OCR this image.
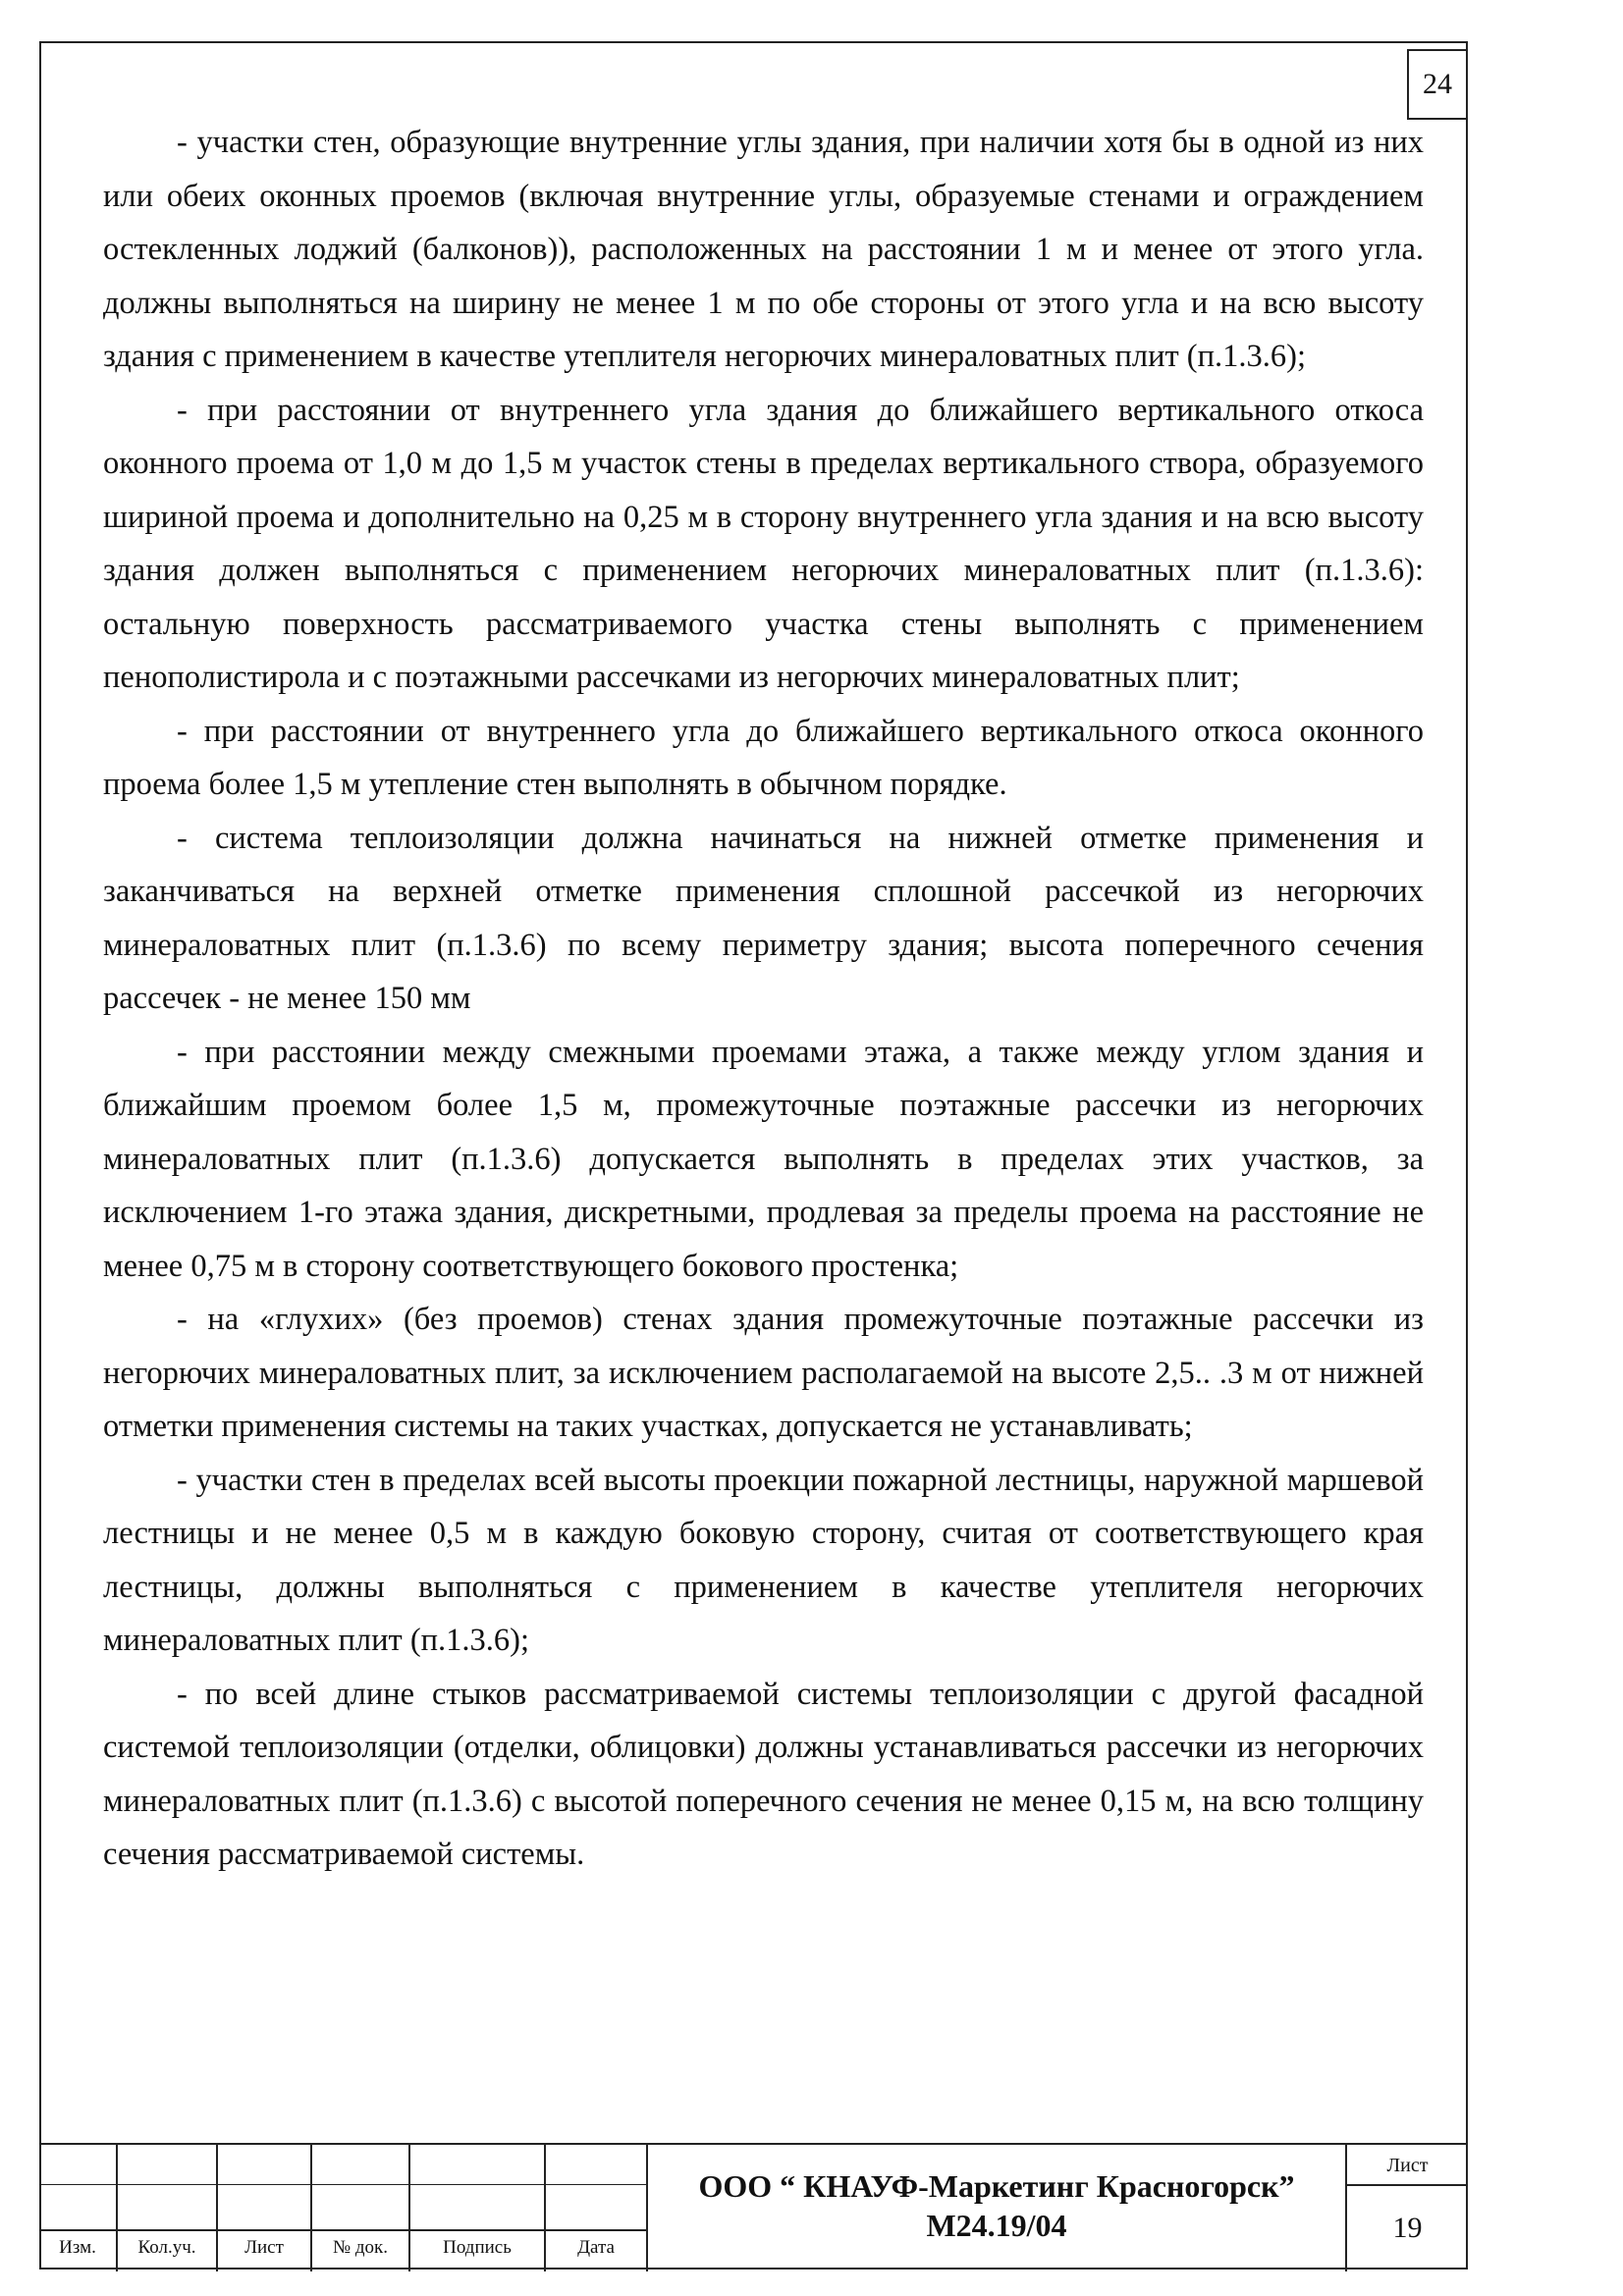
24

- участки стен, образующие внутренние углы здания, при наличии хотя бы в одной из них или обеих оконных проемов (включая внутренние углы, образуемые стенами и ограждением остекленных лоджий (балконов)), расположенных на расстоянии 1 м и менее от этого угла. должны выполняться на ширину не менее 1 м по обе стороны от этого угла и на всю высоту здания с применением в качестве утеплителя негорючих минераловатных плит (п.1.3.6);

- при расстоянии от внутреннего угла здания до ближайшего вертикального откоса оконного проема от 1,0 м до 1,5 м участок стены в пределах вертикального створа, образуемого шириной проема и дополнительно на 0,25 м в сторону внутреннего угла здания и на всю высоту здания должен выполняться с применением негорючих минераловатных плит (п.1.3.6): остальную поверхность рассматриваемого участка стены выполнять с применением пенополистирола и с поэтажными рассечками из негорючих минераловатных плит;

- при расстоянии от внутреннего угла до ближайшего вертикального откоса оконного проема более 1,5 м утепление стен выполнять в обычном порядке.

- система теплоизоляции должна начинаться на нижней отметке применения и заканчиваться на верхней отметке применения сплошной рассечкой из негорючих минераловатных плит (п.1.3.6) по всему периметру здания; высота поперечного сечения рассечек - не менее 150 мм

- при расстоянии между смежными проемами этажа, а также между углом здания и ближайшим проемом более 1,5 м, промежуточные поэтажные рассечки из негорючих минераловатных плит (п.1.3.6) допускается выполнять в пределах этих участков, за исключением 1-го этажа здания, дискретными, продлевая за пределы проема на расстояние не менее 0,75 м в сторону соответствующего бокового простенка;

- на «глухих» (без проемов) стенах здания промежуточные поэтажные рассечки из негорючих минераловатных плит, за исключением располагаемой на высоте 2,5.. .3 м от нижней отметки применения системы на таких участках, допускается не устанавливать;

- участки стен в пределах всей высоты проекции пожарной лестницы, наружной маршевой лестницы и не менее 0,5 м в каждую боковую сторону, считая от соответствующего края лестницы, должны выполняться с применением в качестве утеплителя негорючих минераловатных плит (п.1.3.6);

- по всей длине стыков рассматриваемой системы теплоизоляции с другой фасадной системой теплоизоляции (отделки, облицовки) должны устанавливаться рассечки из негорючих минераловатных плит (п.1.3.6) с высотой поперечного сечения не менее 0,15 м, на всю толщину сечения рассматриваемой системы.

Изм.	Кол.уч.	Лист	№ док.	Подпись	Дата
ООО “ КНАУФ-Маркетинг Красногорск”
М24.19/04
Лист
19
